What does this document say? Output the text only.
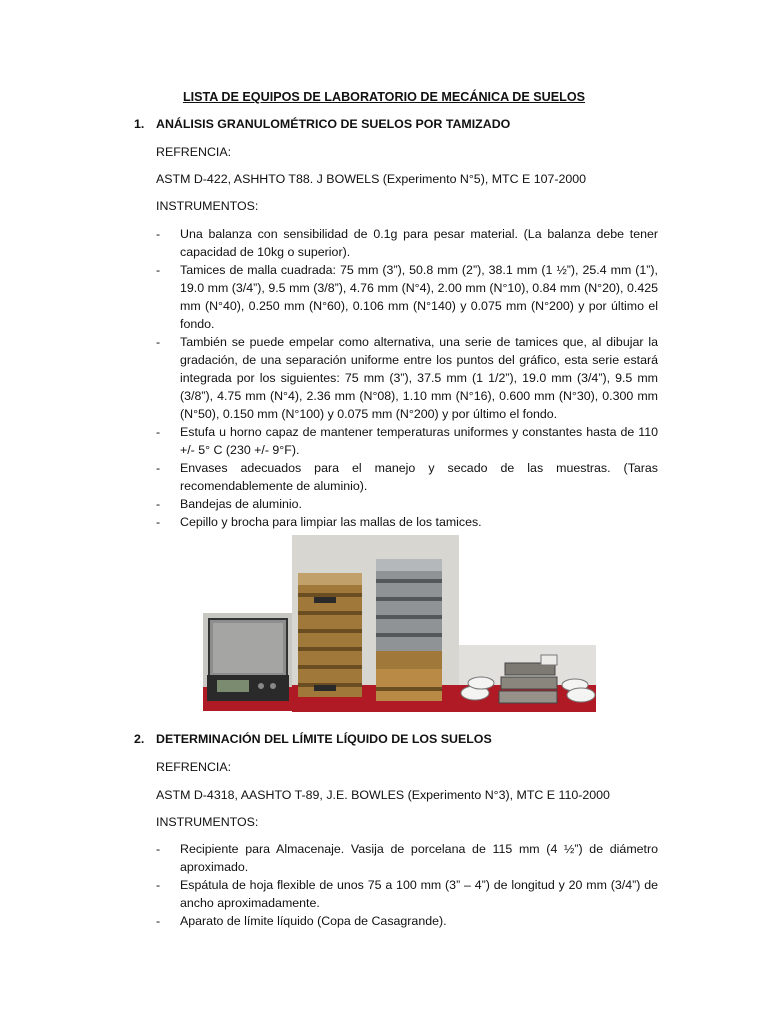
LISTA DE EQUIPOS DE LABORATORIO DE MECÁNICA DE SUELOS
1. ANÁLISIS GRANULOMÉTRICO DE SUELOS POR TAMIZADO
REFRENCIA:
ASTM D-422, ASHHTO T88. J BOWELS (Experimento N°5), MTC E 107-2000
INSTRUMENTOS:
- Una balanza con sensibilidad de 0.1g para pesar material. (La balanza debe tener capacidad de 10kg o superior).
- Tamices de malla cuadrada: 75 mm (3”), 50.8 mm (2”), 38.1 mm (1 ½”), 25.4 mm (1”), 19.0 mm (3/4”), 9.5 mm (3/8”), 4.76 mm (N°4), 2.00 mm (N°10), 0.84 mm (N°20), 0.425 mm (N°40), 0.250 mm (N°60), 0.106 mm (N°140) y 0.075 mm (N°200) y por último el fondo.
- También se puede empelar como alternativa, una serie de tamices que, al dibujar la gradación, de una separación uniforme entre los puntos del gráfico, esta serie estará integrada por los siguientes: 75 mm (3”), 37.5 mm (1 1/2”), 19.0 mm (3/4”), 9.5 mm (3/8”), 4.75 mm (N°4), 2.36 mm (N°08), 1.10 mm (N°16), 0.600 mm (N°30), 0.300 mm (N°50), 0.150 mm (N°100) y 0.075 mm (N°200) y por último el fondo.
- Estufa u horno capaz de mantener temperaturas uniformes y constantes hasta de 110 +/- 5° C (230 +/- 9°F).
- Envases adecuados para el manejo y secado de las muestras. (Taras recomendablemente de aluminio).
- Bandejas de aluminio.
- Cepillo y brocha para limpiar las mallas de los tamices.
2. DETERMINACIÓN DEL LÍMITE LÍQUIDO DE LOS SUELOS
REFRENCIA:
ASTM D-4318, AASHTO T-89, J.E. BOWLES (Experimento N°3), MTC E 110-2000
INSTRUMENTOS:
- Recipiente para Almacenaje. Vasija de porcelana de 115 mm (4 ½”) de diámetro aproximado.
- Espátula de hoja flexible de unos 75 a 100 mm (3” – 4”) de longitud y 20 mm (3/4”) de ancho aproximadamente.
- Aparato de límite líquido (Copa de Casagrande).
